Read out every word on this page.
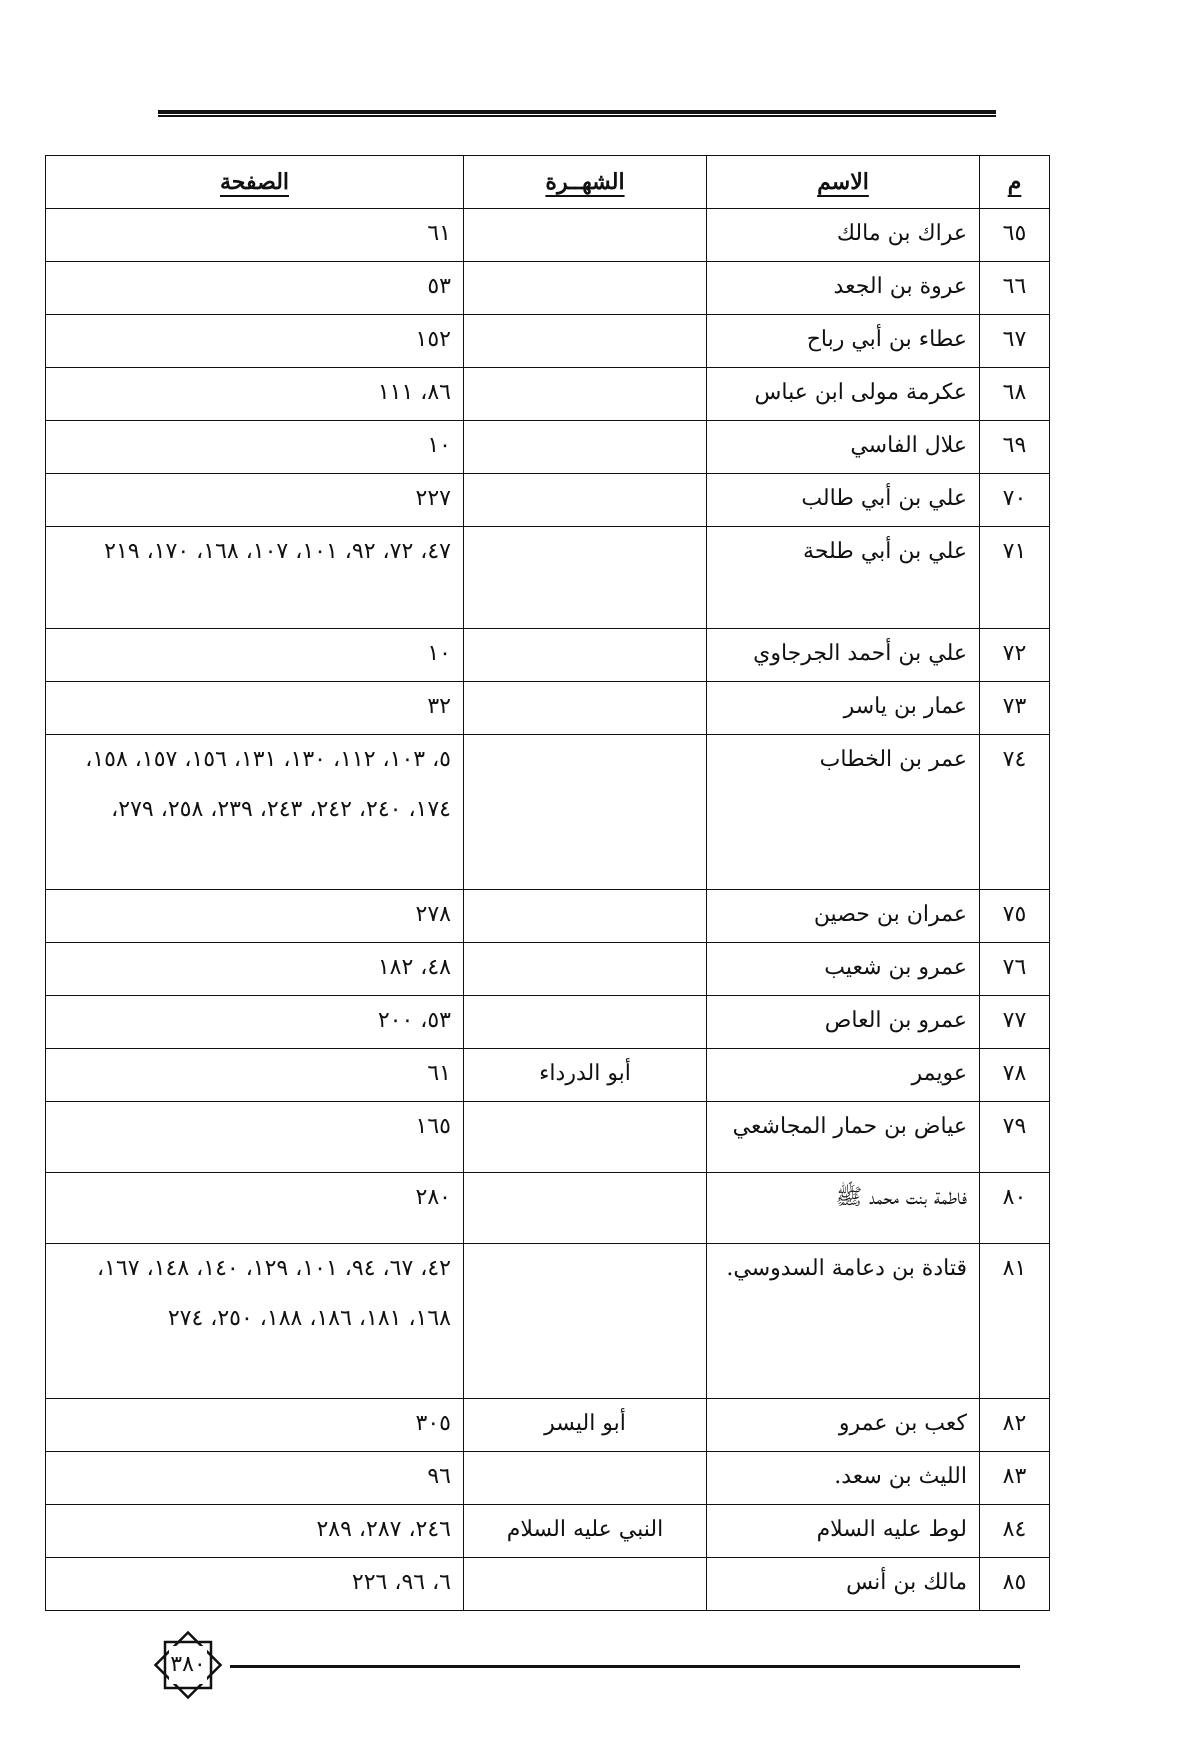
م	الاسم	الشهــرة	الصفحة
٦٥	عراك بن مالك		٦١
٦٦	عروة بن الجعد		٥٣
٦٧	عطاء بن أبي رباح		١٥٢
٦٨	عكرمة مولى ابن عباس		٨٦، ١١١
٦٩	علال الفاسي		١٠
٧٠	علي بن أبي طالب		٢٢٧
٧١	علي بن أبي طلحة		٤٧، ٧٢، ٩٢، ١٠١، ١٠٧، ١٦٨، ١٧٠، ٢١٩
٧٢	علي بن أحمد الجرجاوي		١٠
٧٣	عمار بن ياسر		٣٢
٧٤	عمر بن الخطاب		٥، ١٠٣، ١١٢، ١٣٠، ١٣١، ١٥٦، ١٥٧، ١٥٨، ١٧٤، ٢٤٠، ٢٤٢، ٢٤٣، ٢٣٩، ٢٥٨، ٢٧٩،
٧٥	عمران بن حصين		٢٧٨
٧٦	عمرو بن شعيب		٤٨، ١٨٢
٧٧	عمرو بن العاص		٥٣، ٢٠٠
٧٨	عويمر	أبو الدرداء	٦١
٧٩	عياض بن حمار المجاشعي		١٦٥
٨٠	فاطمة بنت محمد ﷺ		٢٨٠
٨١	قتادة بن دعامة السدوسي.		٤٢، ٦٧، ٩٤، ١٠١، ١٢٩، ١٤٠، ١٤٨، ١٦٧، ١٦٨، ١٨١، ١٨٦، ١٨٨، ٢٥٠، ٢٧٤
٨٢	كعب بن عمرو	أبو اليسر	٣٠٥
٨٣	الليث بن سعد.		٩٦
٨٤	لوط عليه السلام	النبي عليه السلام	٢٤٦، ٢٨٧، ٢٨٩
٨٥	مالك بن أنس		٦، ٩٦، ٢٢٦
٣٨٠
